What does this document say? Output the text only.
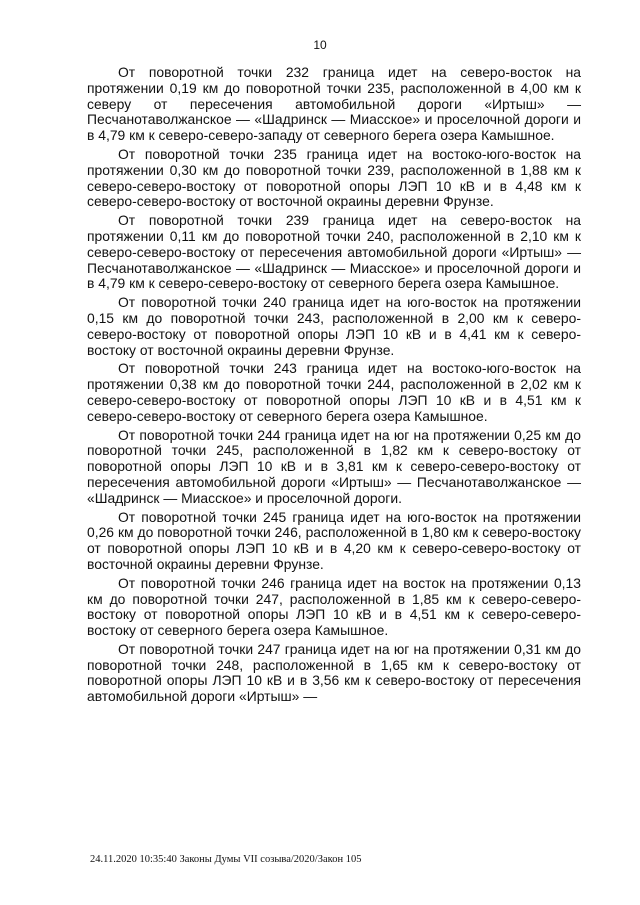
10

От поворотной точки 232 граница идет на северо-восток на протяжении 0,19 км до поворотной точки 235, расположенной в 4,00 км к северу от пересечения автомобильной дороги «Иртыш» — Песчанотаволжанское — «Шадринск — Миасское» и проселочной дороги и в 4,79 км к северо-северо-западу от северного берега озера Камышное.

От поворотной точки 235 граница идет на востоко-юго-восток на протяжении 0,30 км до поворотной точки 239, расположенной в 1,88 км к северо-северо-востоку от поворотной опоры ЛЭП 10 кВ и в 4,48 км к северо-северо-востоку от восточной окраины деревни Фрунзе.

От поворотной точки 239 граница идет на северо-восток на протяжении 0,11 км до поворотной точки 240, расположенной в 2,10 км к северо-северо-востоку от пересечения автомобильной дороги «Иртыш» — Песчанотаволжанское — «Шадринск — Миасское» и проселочной дороги и в 4,79 км к северо-северо-востоку от северного берега озера Камышное.

От поворотной точки 240 граница идет на юго-восток на протяжении 0,15 км до поворотной точки 243, расположенной в 2,00 км к северо-северо-востоку от поворотной опоры ЛЭП 10 кВ и в 4,41 км к северо-востоку от восточной окраины деревни Фрунзе.

От поворотной точки 243 граница идет на востоко-юго-восток на протяжении 0,38 км до поворотной точки 244, расположенной в 2,02 км к северо-северо-востоку от поворотной опоры ЛЭП 10 кВ и в 4,51 км к северо-северо-востоку от северного берега озера Камышное.

От поворотной точки 244 граница идет на юг на протяжении 0,25 км до поворотной точки 245, расположенной в 1,82 км к северо-востоку от поворотной опоры ЛЭП 10 кВ и в 3,81 км к северо-северо-востоку от пересечения автомобильной дороги «Иртыш» — Песчанотаволжанское — «Шадринск — Миасское» и проселочной дороги.

От поворотной точки 245 граница идет на юго-восток на протяжении 0,26 км до поворотной точки 246, расположенной в 1,80 км к северо-востоку от поворотной опоры ЛЭП 10 кВ и в 4,20 км к северо-северо-востоку от восточной окраины деревни Фрунзе.

От поворотной точки 246 граница идет на восток на протяжении 0,13 км до поворотной точки 247, расположенной в 1,85 км к северо-северо-востоку от поворотной опоры ЛЭП 10 кВ и в 4,51 км к северо-северо-востоку от северного берега озера Камышное.

От поворотной точки 247 граница идет на юг на протяжении 0,31 км до поворотной точки 248, расположенной в 1,65 км к северо-востоку от поворотной опоры ЛЭП 10 кВ и в 3,56 км к северо-востоку от пересечения автомобильной дороги «Иртыш» —

24.11.2020 10:35:40 Законы Думы VII созыва/2020/Закон 105
